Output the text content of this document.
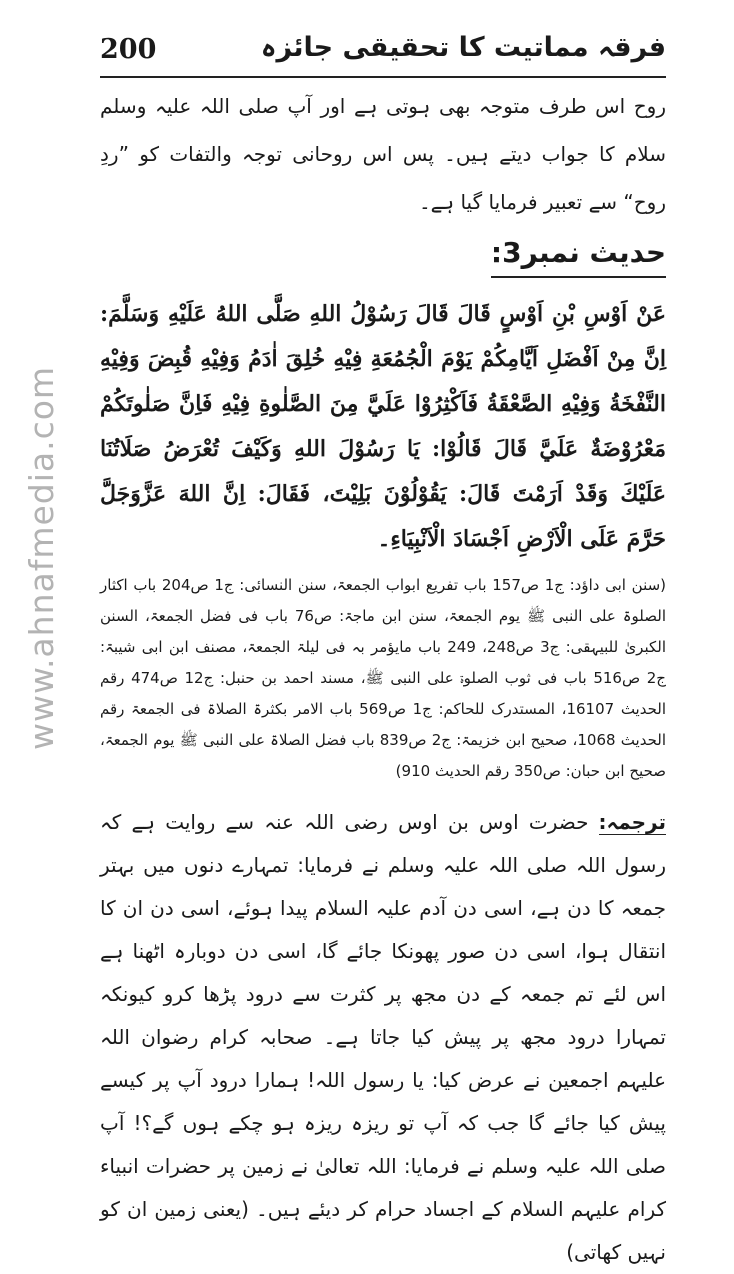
200	فرقہ مماتیت کا تحقیقی جائزہ
www.ahnafmedia.com

روح اس طرف متوجہ بھی ہوتی ہے اور آپ صلی اللہ علیہ وسلم سلام کا جواب دیتے ہیں۔ پس اس روحانی توجہ والتفات کو ”ردِ روح“ سے تعبیر فرمایا گیا ہے۔

حدیث نمبر3:

عَنْ اَوْسِ بْنِ اَوْسٍ قَالَ قَالَ رَسُوْلُ اللهِ صَلَّى اللهُ عَلَيْهِ وَسَلَّمَ: اِنَّ مِنْ اَفْضَلِ اَيَّامِكُمْ يَوْمَ الْجُمُعَةِ فِيْهِ خُلِقَ اٰدَمُ وَفِيْهِ قُبِضَ وَفِيْهِ النَّفْخَةُ وَفِيْهِ الصَّعْقَةُ فَاَكْثِرُوْا عَلَيَّ مِنَ الصَّلٰوةِ فِيْهِ فَاِنَّ صَلٰوتَكُمْ مَعْرُوْضَةٌ عَلَيَّ قَالَ قَالُوْا: يَا رَسُوْلَ اللهِ وَكَيْفَ تُعْرَضُ صَلَاتُنَا عَلَيْكَ وَقَدْ اَرَمْتَ قَالَ: يَقُوْلُوْنَ بَلِيْتَ، فَقَالَ: اِنَّ اللهَ عَزَّوَجَلَّ حَرَّمَ عَلَى الْاَرْضِ اَجْسَادَ الْاَنْبِيَاءِ۔

(سنن ابی داؤد: ج1 ص157 باب تفریع ابواب الجمعۃ، سنن النسائی: ج1 ص204 باب اکثار الصلوۃ علی النبی ﷺ یوم الجمعۃ، سنن ابن ماجۃ: ص76 باب فی فضل الجمعۃ، السنن الکبریٰ للبیہقی: ج3 ص248، 249 باب مایؤمر بہ فی لیلۃ الجمعۃ، مصنف ابن ابی شیبۃ: ج2 ص516 باب فی ثوب الصلوۃ علی النبی ﷺ، مسند احمد بن حنبل: ج12 ص474 رقم الحدیث 16107، المستدرک للحاکم: ج1 ص569 باب الامر بکثرۃ الصلاۃ فی الجمعۃ رقم الحدیث 1068، صحیح ابن خزیمۃ: ج2 ص839 باب فضل الصلاۃ علی النبی ﷺ یوم الجمعۃ، صحیح ابن حبان: ص350 رقم الحدیث 910)

ترجمہ:حضرت اوس بن اوس رضی اللہ عنہ سے روایت ہے کہ رسول اللہ صلی اللہ علیہ وسلم نے فرمایا: تمہارے دنوں میں بہتر جمعہ کا دن ہے، اسی دن آدم علیہ السلام پیدا ہوئے، اسی دن ان کا انتقال ہوا، اسی دن صور پھونکا جائے گا، اسی دن دوبارہ اٹھنا ہے اس لئے تم جمعہ کے دن مجھ پر کثرت سے درود پڑھا کرو کیونکہ تمہارا درود مجھ پر پیش کیا جاتا ہے۔ صحابہ کرام رضوان اللہ علیہم اجمعین نے عرض کیا: یا رسول اللہ! ہمارا درود آپ پر کیسے پیش کیا جائے گا جب کہ آپ تو ریزہ ریزہ ہو چکے ہوں گے؟! آپ صلی اللہ علیہ وسلم نے فرمایا: اللہ تعالیٰ نے زمین پر حضرات انبیاء کرام علیہم السلام کے اجساد حرام کر دیئے ہیں۔ (یعنی زمین ان کو نہیں کھاتی)
